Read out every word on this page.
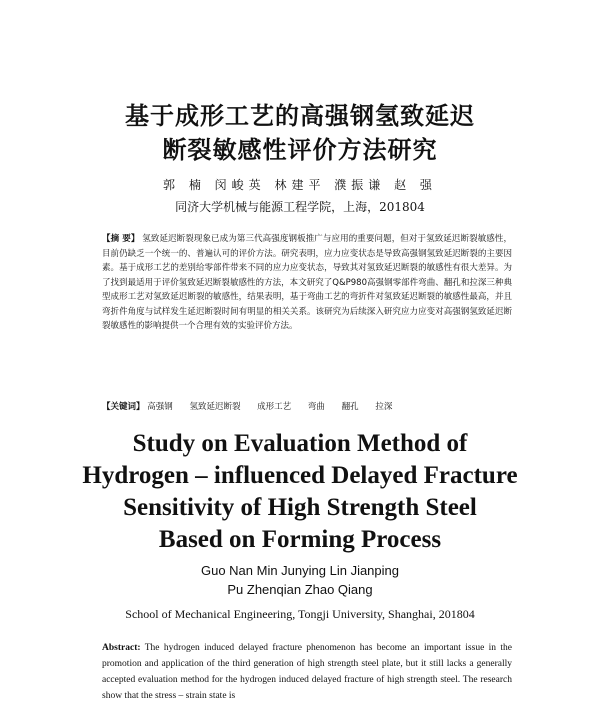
基于成形工艺的高强钢氢致延迟
断裂敏感性评价方法研究
郭 楠 闵峻英 林建平 濮振谦 赵 强
同济大学机械与能源工程学院，上海，201804
【摘 要】 氢致延迟断裂现象已成为第三代高强度钢板推广与应用的重要问题，但对于氢致延迟断裂敏感性，目前仍缺乏一个统一的、普遍认可的评价方法。研究表明，应力应变状态是导致高强钢氢致延迟断裂的主要因素。基于成形工艺的差别给零部件带来不同的应力应变状态，导致其对氢致延迟断裂的敏感性有很大差异。为了找到最适用于评价氢致延迟断裂敏感性的方法，本文研究了Q&P980高强钢零部件弯曲、翻孔和拉深三种典型成形工艺对氢致延迟断裂的敏感性，结果表明，基于弯曲工艺的弯折件对氢致延迟断裂的敏感性最高，并且弯折件角度与试样发生延迟断裂时间有明显的相关关系。该研究为后续深入研究应力应变对高强钢氢致延迟断裂敏感性的影响提供一个合理有效的实验评价方法。
【关键词】 高强钢 氢致延迟断裂 成形工艺 弯曲 翻孔 拉深
Study on Evaluation Method of
Hydrogen – influenced Delayed Fracture
Sensitivity of High Strength Steel
Based on Forming Process
Guo Nan Min Junying Lin Jianping
Pu Zhenqian Zhao Qiang
School of Mechanical Engineering, Tongji University, Shanghai, 201804
Abstract: The hydrogen induced delayed fracture phenomenon has become an important issue in the promotion and application of the third generation of high strength steel plate, but it still lacks a generally accepted evaluation method for the hydrogen induced delayed fracture of high strength steel. The research show that the stress – strain state is
